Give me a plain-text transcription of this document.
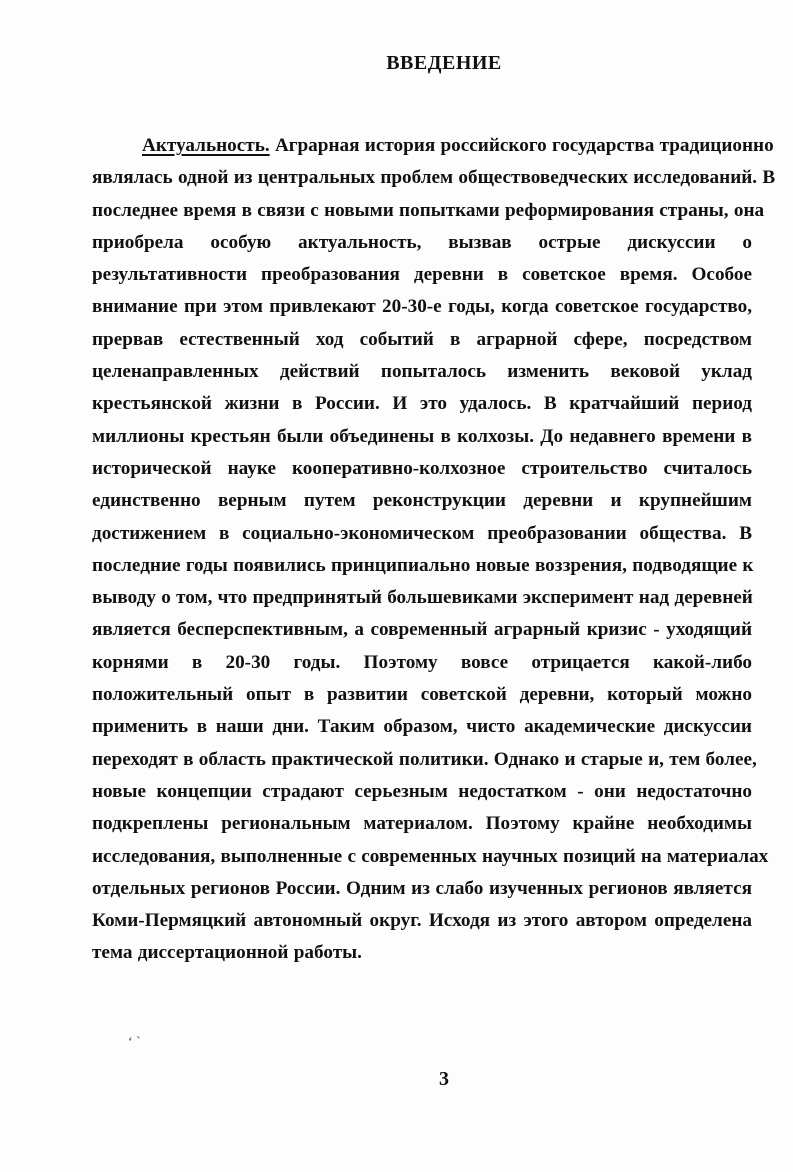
ВВЕДЕНИЕ
Актуальность. Аграрная история российского государства традиционно
являлась одной из центральных проблем обществоведческих исследований. В
последнее время в связи с новыми попытками реформирования страны, она
приобрела особую актуальность, вызвав острые дискуссии о
результативности преобразования деревни в советское время. Особое
внимание при этом привлекают 20-30-е годы, когда советское государство,
прервав естественный ход событий в аграрной сфере, посредством
целенаправленных действий попыталось изменить вековой уклад
крестьянской жизни в России. И это удалось. В кратчайший период
миллионы крестьян были объединены в колхозы. До недавнего времени в
исторической науке кооперативно-колхозное строительство считалось
единственно верным путем реконструкции деревни и крупнейшим
достижением в социально-экономическом преобразовании общества. В
последние годы появились принципиально новые воззрения, подводящие к
выводу о том, что предпринятый большевиками эксперимент над деревней
является бесперспективным, а современный аграрный кризис - уходящий
корнями в 20-30 годы. Поэтому вовсе отрицается какой-либо
положительный опыт в развитии советской деревни, который можно
применить в наши дни. Таким образом, чисто академические дискуссии
переходят в область практической политики. Однако и старые и, тем более,
новые концепции страдают серьезным недостатком - они недостаточно
подкреплены региональным материалом. Поэтому крайне необходимы
исследования, выполненные с современных научных позиций на материалах
отдельных регионов России. Одним из слабо изученных регионов является
Коми-Пермяцкий автономный округ. Исходя из этого автором определена
тема диссертационной работы.
‘ ˋ
3
